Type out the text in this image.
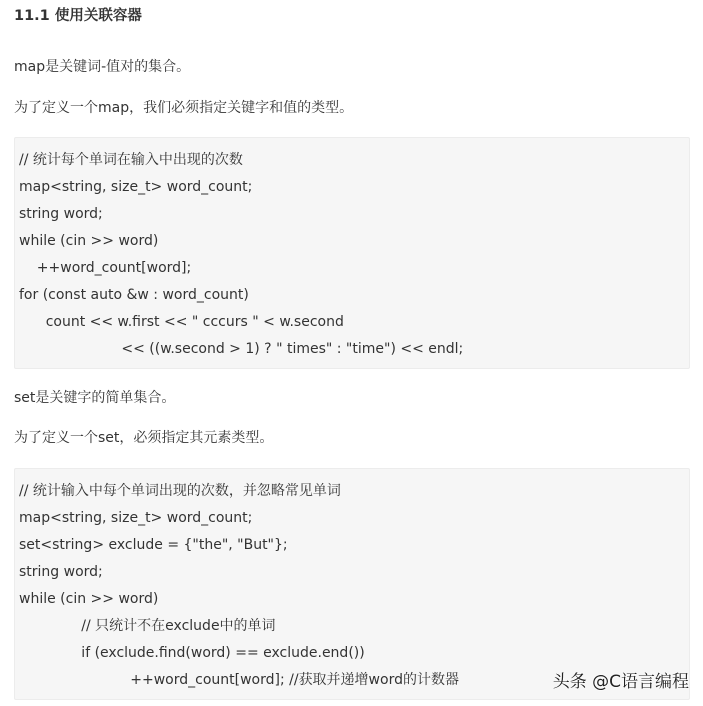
11.1 使用关联容器
map是关键词-值对的集合。
为了定义一个map，我们必须指定关键字和值的类型。
// 统计每个单词在输入中出现的次数
map<string, size_t> word_count;
string word;
while (cin >> word)
++word_count[word];
for (const auto &w : word_count)
count << w.first << " cccurs " < w.second
<< ((w.second > 1) ? " times" : "time") << endl;
set是关键字的简单集合。
为了定义一个set，必须指定其元素类型。
// 统计输入中每个单词出现的次数，并忽略常见单词
map<string, size_t> word_count;
set<string> exclude = {"the", "But"};
string word;
while (cin >> word)
// 只统计不在exclude中的单词
if (exclude.find(word) == exclude.end())
++word_count[word]; //获取并递增word的计数器	头条 @C语言编程
